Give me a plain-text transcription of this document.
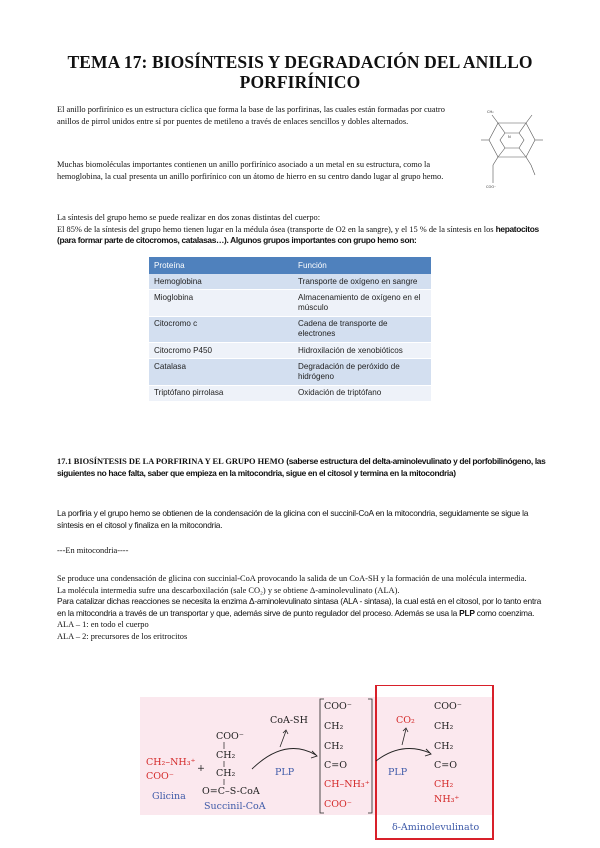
TEMA 17: BIOSÍNTESIS Y DEGRADACIÓN DEL ANILLO PORFIRÍNICO

El anillo porfirínico es un estructura cíclica que forma la base de las porfirinas, las cuales están formadas por cuatro anillos de pirrol unidos entre sí por puentes de metileno a través de enlaces sencillos y dobles alternados.

Muchas biomoléculas importantes contienen un anillo porfirínico asociado a un metal en su estructura, como la hemoglobina, la cual presenta un anillo porfirínico con un átomo de hierro en su centro dando lugar al grupo hemo.

N
CH₂
COO⁻

La síntesis del grupo hemo se puede realizar en dos zonas distintas del cuerpo:
El 85% de la síntesis del grupo hemo tienen lugar en la médula ósea (transporte de O2 en la sangre), y el 15 % de la síntesis en los hepatocitos (para formar parte de citocromos, catalasas…). Algunos grupos importantes con grupo hemo son:

Proteína	Función
Hemoglobina	Transporte de oxígeno en sangre
Mioglobina	Almacenamiento de oxígeno en el músculo
Citocromo c	Cadena de transporte de electrones
Citocromo P450	Hidroxilación de xenobióticos
Catalasa	Degradación de peróxido de hidrógeno
Triptófano pirrolasa	Oxidación de triptófano

17.1 BIOSÍNTESIS DE LA PORFIRINA Y EL GRUPO HEMO (saberse estructura del delta-aminolevulinato y del porfobilinógeno, las siguientes no hace falta, saber que empieza en la mitocondria, sigue en el citosol y termina en la mitocondria)

La porfiria y el grupo hemo se obtienen de la condensación de la glicina con el succinil-CoA en la mitocondria, seguidamente se sigue la síntesis en el citosol y finaliza en la mitocondria.

---En mitocondria----

Se produce una condensación de glicina con succinial-CoA provocando la salida de un CoA-SH y la formación de una molécula intermedia.
La molécula intermedia sufre una descarboxilación (sale CO₂) y se obtiene Δ-aminolevulinato (ALA).
Para catalizar dichas reacciones se necesita la enzima Δ-aminolevulinato sintasa (ALA - sintasa), la cual está en el citosol, por lo tanto entra en la mitocondria a través de un transportar y que, además sirve de punto regulador del proceso. Además se usa la PLP como coenzima.
ALA – 1: en todo el cuerpo
ALA – 2: precursores de los eritrocitos

CH₂–NH₃⁺
COO⁻
Glicina
+
COO⁻
CH₂
CH₂
O=C–S-CoA
Succinil-CoA
CoA-SH
PLP
COO⁻
CH₂
CH₂
C=O
CH–NH₃⁺
COO⁻
CO₂
PLP
COO⁻
CH₂
CH₂
C=O
CH₂
NH₃⁺
δ-Aminolevulinato
